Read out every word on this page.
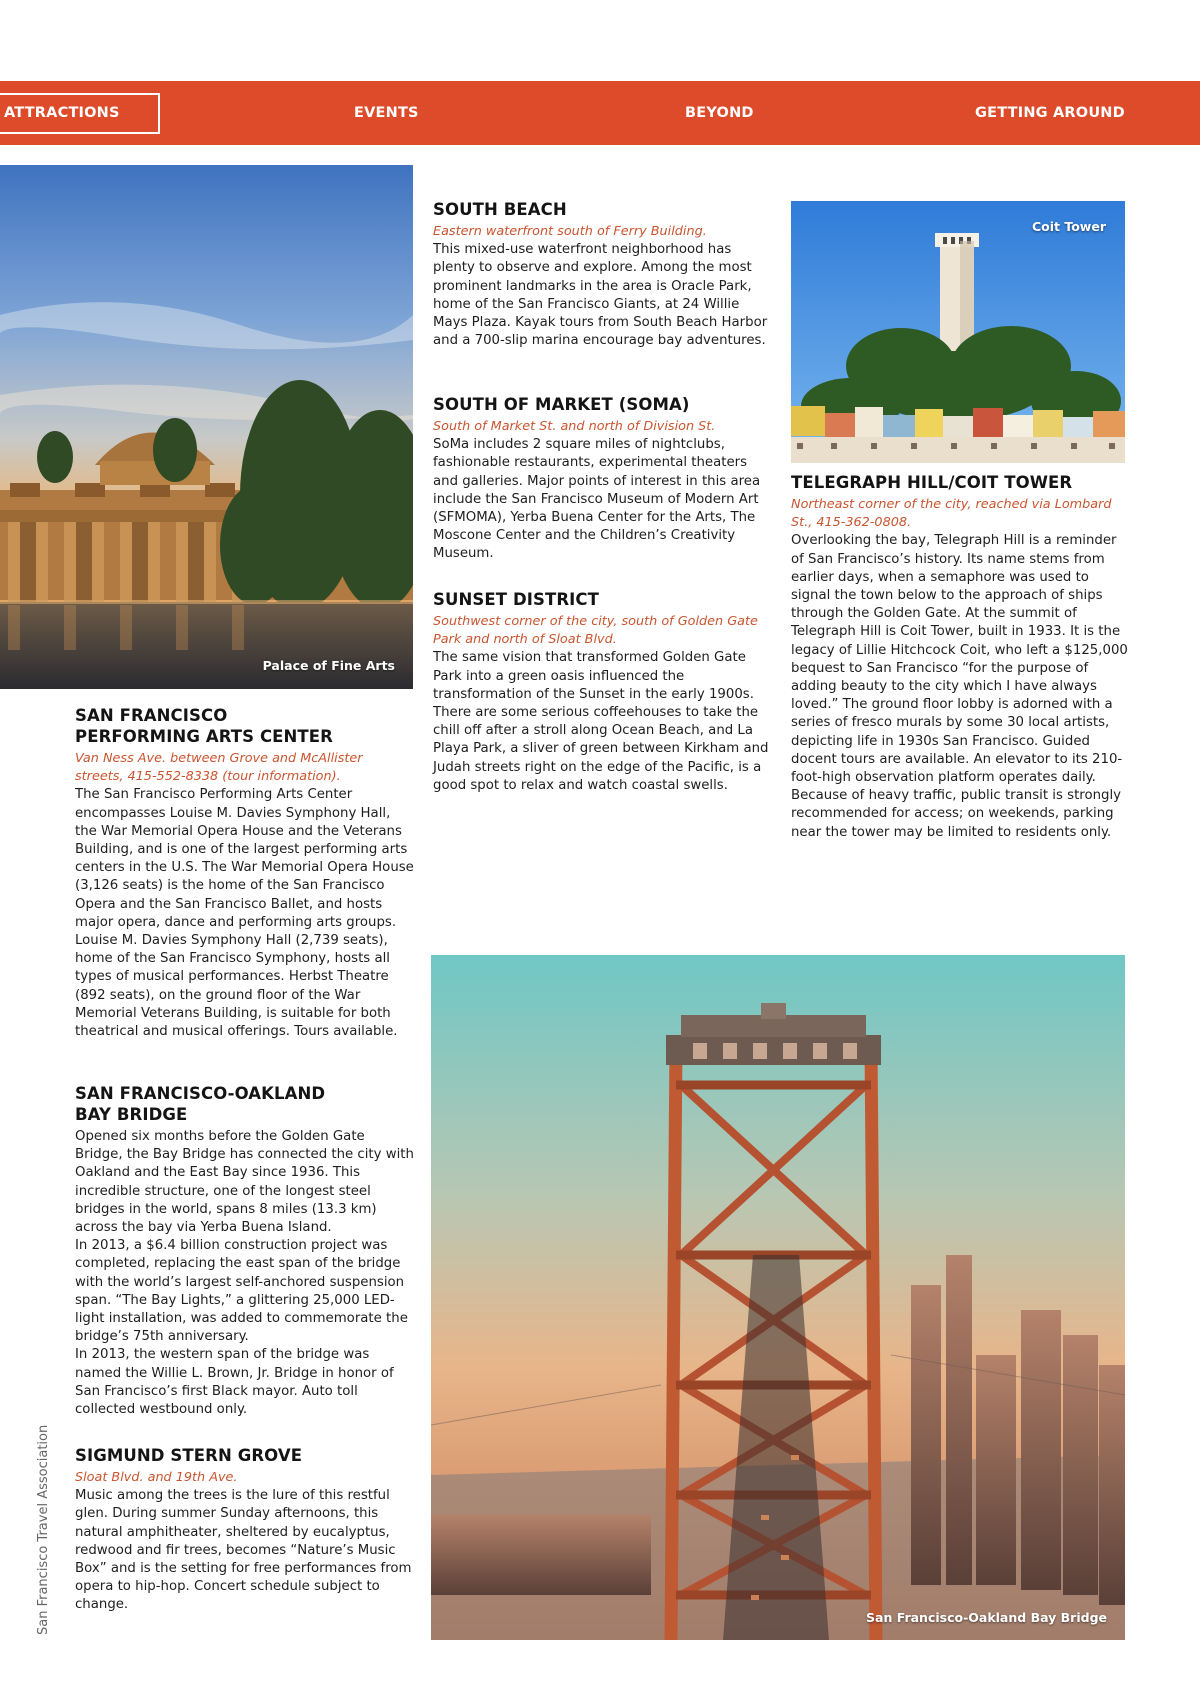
ATTRACTIONS	EVENTS	BEYOND	GETTING AROUND
Palace of Fine Arts
Coit Tower
San Francisco-Oakland Bay Bridge
SAN FRANCISCO
PERFORMING ARTS CENTER

Van Ness Ave. between Grove and McAllister streets, 415-552-8338 (tour information).

The San Francisco Performing Arts Center encompasses Louise M. Davies Symphony Hall, the War Memorial Opera House and the Veterans Building, and is one of the largest performing arts centers in the U.S. The War Memorial Opera House (3,126 seats) is the home of the San Francisco Opera and the San Francisco Ballet, and hosts major opera, dance and performing arts groups. Louise M. Davies Symphony Hall (2,739 seats), home of the San Francisco Symphony, hosts all types of musical performances. Herbst Theatre (892 seats), on the ground floor of the War Memorial Veterans Building, is suitable for both theatrical and musical offerings. Tours available.

SAN FRANCISCO-OAKLAND
BAY BRIDGE

Opened six months before the Golden Gate Bridge, the Bay Bridge has connected the city with Oakland and the East Bay since 1936. This incredible structure, one of the longest steel bridges in the world, spans 8 miles (13.3 km) across the bay via Yerba Buena Island.

In 2013, a $6.4 billion construction project was completed, replacing the east span of the bridge with the world’s largest self-anchored suspension span. “The Bay Lights,” a glittering 25,000 LED-light installation, was added to commemorate the bridge’s 75th anniversary.

In 2013, the western span of the bridge was named the Willie L. Brown, Jr. Bridge in honor of San Francisco’s first Black mayor. Auto toll collected westbound only.

SIGMUND STERN GROVE

Sloat Blvd. and 19th Ave.

Music among the trees is the lure of this restful glen. During summer Sunday afternoons, this natural amphitheater, sheltered by eucalyptus, redwood and fir trees, becomes “Nature’s Music Box” and is the setting for free performances from opera to hip-hop. Concert schedule subject to change.

SOUTH BEACH

Eastern waterfront south of Ferry Building.

This mixed-use waterfront neighborhood has plenty to observe and explore. Among the most prominent landmarks in the area is Oracle Park, home of the San Francisco Giants, at 24 Willie Mays Plaza. Kayak tours from South Beach Harbor and a 700-slip marina encourage bay adventures.

SOUTH OF MARKET (SOMA)

South of Market St. and north of Division St.

SoMa includes 2 square miles of nightclubs, fashionable restaurants, experimental theaters and galleries. Major points of interest in this area include the San Francisco Museum of Modern Art (SFMOMA), Yerba Buena Center for the Arts, The Moscone Center and the Children’s Creativity Museum.

SUNSET DISTRICT

Southwest corner of the city, south of Golden Gate Park and north of Sloat Blvd.

The same vision that transformed Golden Gate Park into a green oasis influenced the transformation of the Sunset in the early 1900s. There are some serious coffeehouses to take the chill off after a stroll along Ocean Beach, and La Playa Park, a sliver of green between Kirkham and Judah streets right on the edge of the Pacific, is a good spot to relax and watch coastal swells.

TELEGRAPH HILL/COIT TOWER

Northeast corner of the city, reached via Lombard St., 415-362-0808.

Overlooking the bay, Telegraph Hill is a reminder of San Francisco’s history. Its name stems from earlier days, when a semaphore was used to signal the town below to the approach of ships through the Golden Gate. At the summit of Telegraph Hill is Coit Tower, built in 1933. It is the legacy of Lillie Hitchcock Coit, who left a $125,000 bequest to San Francisco “for the purpose of adding beauty to the city which I have always loved.” The ground floor lobby is adorned with a series of fresco murals by some 30 local artists, depicting life in 1930s San Francisco. Guided docent tours are available. An elevator to its 210-foot-high observation platform operates daily. Because of heavy traffic, public transit is strongly recommended for access; on weekends, parking near the tower may be limited to residents only.

San Francisco Travel Association
